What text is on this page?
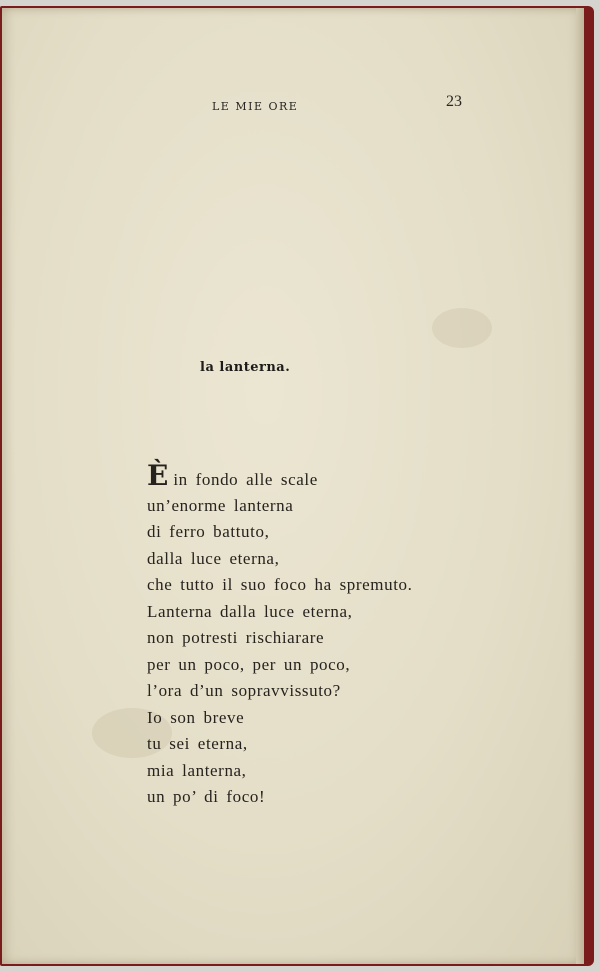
LE MIE ORE	23
la lanterna.
Èin fondo alle scale
un’enorme lanterna
di ferro battuto,
dalla luce eterna,
che tutto il suo foco ha spremuto.
Lanterna dalla luce eterna,
non potresti rischiarare
per un poco, per un poco,
l’ora d’un sopravvissuto?
Io son breve
tu sei eterna,
mia lanterna,
un po’ di foco!
